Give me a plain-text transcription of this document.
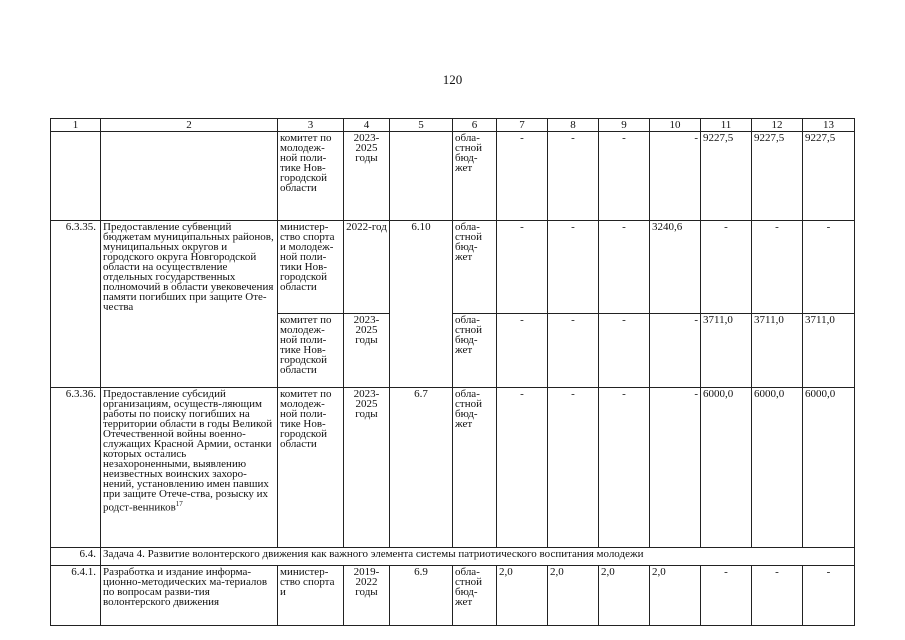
120
1	2	3	4	5	6	7	8	9	10	11	12	13
		комитет по молодеж-ной поли-тике Нов-городской области	2023-2025 годы		обла-стной бюд-жет	-	-	-	-	9227,5	9227,5	9227,5
6.3.35.	Предоставление субвенций бюджетам муниципальных районов, муниципальных округов и городского округа Новгородской области на осуществление отдельных государственных полномочий в области увековечения памяти погибших при защите Оте-чества	министер-ство спорта и молодеж-ной поли-тики Нов-городской области	2022-год	6.10	обла-стной бюд-жет	-	-	-	3240,6	-	-	-
		комитет по молодеж-ной поли-тике Нов-городской области	2023-2025 годы		обла-стной бюд-жет	-	-	-	-	3711,0	3711,0	3711,0
6.3.36.	Предоставление субсидий организациям, осуществ-ляющим работы по поиску погибших на территории области в годы Великой Отечественной войны военно-служащих Красной Армии, останки которых остались незахороненными, выявлению неизвестных воинских захоро-нений, установлению имен павших при защите Отече-ства, розыску их родст-венников$^{17}$	комитет по молодеж-ной поли-тике Нов-городской области	2023-2025 годы	6.7	обла-стной бюд-жет	-	-	-	-	6000,0	6000,0	6000,0
6.4.	Задача 4. Развитие волонтерского движения как важного элемента системы патриотического воспитания молодежи											
6.4.1.	Разработка и издание информа-ционно-методических ма-териалов по вопросам разви-тия волонтерского движения	министер-ство спорта и	2019-2022 годы	6.9	обла-стной бюд-жет	2,0	2,0	2,0	2,0	-	-	-
